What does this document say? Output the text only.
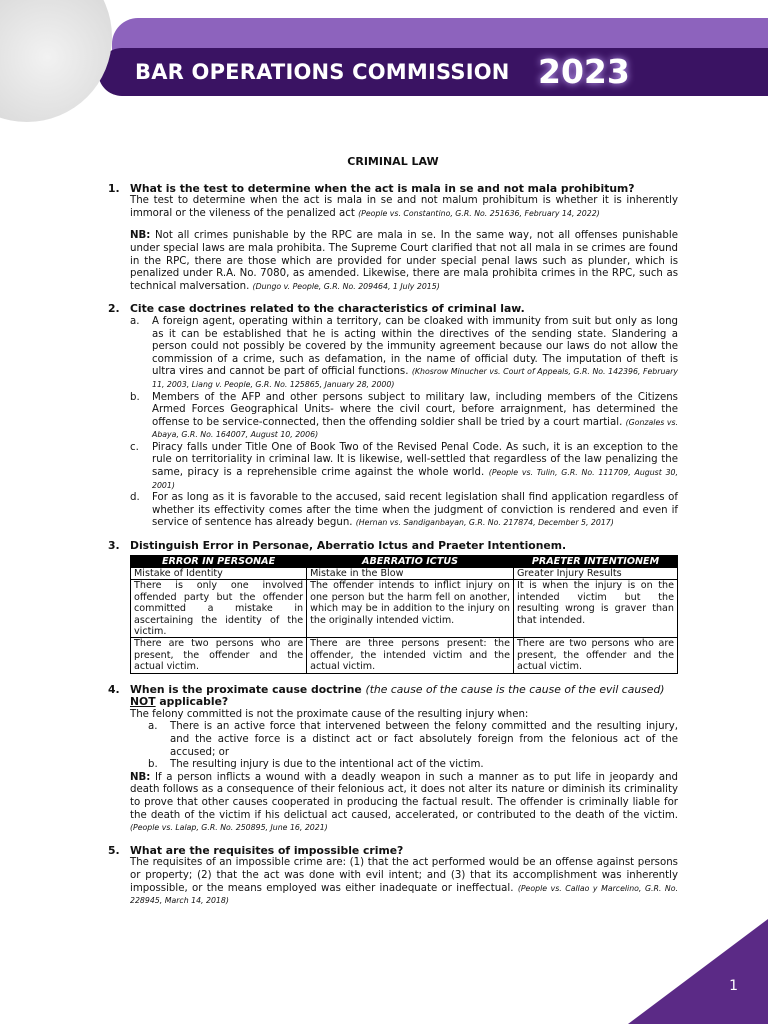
BAR OPERATIONS COMMISSION 2023
CRIMINAL LAW
1. What is the test to determine when the act is mala in se and not mala prohibitum?
The test to determine when the act is mala in se and not malum prohibitum is whether it is inherently immoral or the vileness of the penalized act (People vs. Constantino, G.R. No. 251636, February 14, 2022)
NB: Not all crimes punishable by the RPC are mala in se. In the same way, not all offenses punishable under special laws are mala prohibita. The Supreme Court clarified that not all mala in se crimes are found in the RPC, there are those which are provided for under special penal laws such as plunder, which is penalized under R.A. No. 7080, as amended. Likewise, there are mala prohibita crimes in the RPC, such as technical malversation. (Dungo v. People, G.R. No. 209464, 1 July 2015)
2. Cite case doctrines related to the characteristics of criminal law.
a.	A foreign agent, operating within a territory, can be cloaked with immunity from suit but only as long as it can be established that he is acting within the directives of the sending state. Slandering a person could not possibly be covered by the immunity agreement because our laws do not allow the commission of a crime, such as defamation, in the name of official duty. The imputation of theft is ultra vires and cannot be part of official functions. (Khosrow Minucher vs. Court of Appeals, G.R. No. 142396, February 11, 2003, Liang v. People, G.R. No. 125865, January 28, 2000)
b.	Members of the AFP and other persons subject to military law, including members of the Citizens Armed Forces Geographical Units- where the civil court, before arraignment, has determined the offense to be service-connected, then the offending soldier shall be tried by a court martial. (Gonzales vs. Abaya, G.R. No. 164007, August 10, 2006)
c.	Piracy falls under Title One of Book Two of the Revised Penal Code. As such, it is an exception to the rule on territoriality in criminal law. It is likewise, well-settled that regardless of the law penalizing the same, piracy is a reprehensible crime against the whole world. (People vs. Tulin, G.R. No. 111709, August 30, 2001)
d.	For as long as it is favorable to the accused, said recent legislation shall find application regardless of whether its effectivity comes after the time when the judgment of conviction is rendered and even if service of sentence has already begun. (Hernan vs. Sandiganbayan, G.R. No. 217874, December 5, 2017)
3. Distinguish Error in Personae, Aberratio Ictus and Praeter Intentionem.
ERROR IN PERSONAE	ABERRATIO ICTUS	PRAETER INTENTIONEM
Mistake of Identity	Mistake in the Blow	Greater Injury Results
There is only one involved offended party but the offender committed a mistake in ascertaining the identity of the victim.	The offender intends to inflict injury on one person but the harm fell on another, which may be in addition to the injury on the originally intended victim.	It is when the injury is on the intended victim but the resulting wrong is graver than that intended.
There are two persons who are present, the offender and the actual victim.	There are three persons present: the offender, the intended victim and the actual victim.	There are two persons who are present, the offender and the actual victim.
4. When is the proximate cause doctrine (the cause of the cause is the cause of the evil caused)
NOT applicable?
The felony committed is not the proximate cause of the resulting injury when:
a.	There is an active force that intervened between the felony committed and the resulting injury, and the active force is a distinct act or fact absolutely foreign from the felonious act of the accused; or
b.	The resulting injury is due to the intentional act of the victim.
NB: If a person inflicts a wound with a deadly weapon in such a manner as to put life in jeopardy and death follows as a consequence of their felonious act, it does not alter its nature or diminish its criminality to prove that other causes cooperated in producing the factual result. The offender is criminally liable for the death of the victim if his delictual act caused, accelerated, or contributed to the death of the victim. (People vs. Lalap, G.R. No. 250895, June 16, 2021)
5. What are the requisites of impossible crime?
The requisites of an impossible crime are: (1) that the act performed would be an offense against persons or property; (2) that the act was done with evil intent; and (3) that its accomplishment was inherently impossible, or the means employed was either inadequate or ineffectual. (People vs. Callao y Marcelino, G.R. No. 228945, March 14, 2018)
1
